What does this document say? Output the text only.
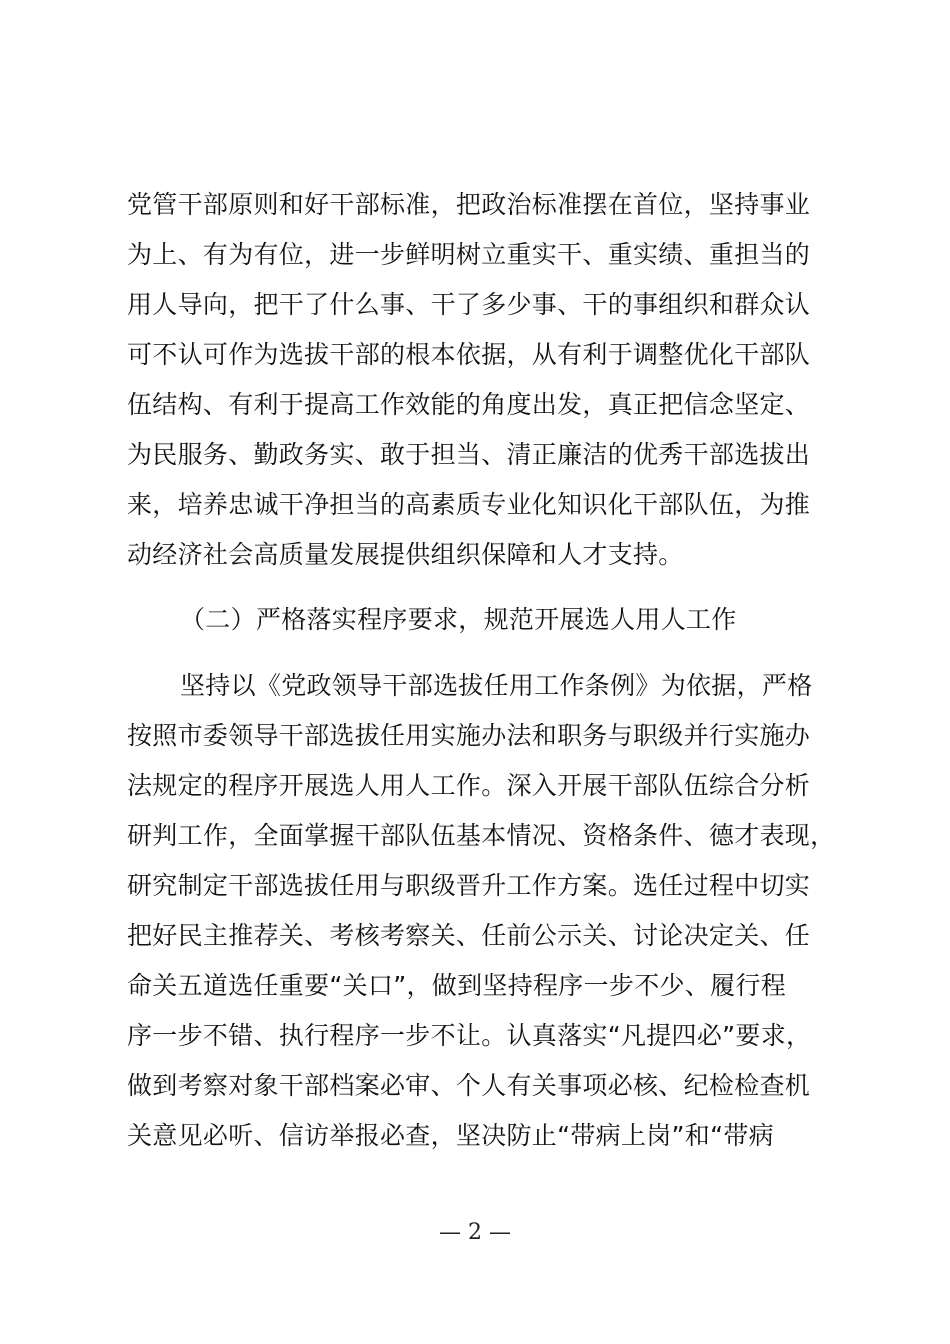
党管干部原则和好干部标准，把政治标准摆在首位，坚持事业
为上、有为有位，进一步鲜明树立重实干、重实绩、重担当的
用人导向，把干了什么事、干了多少事、干的事组织和群众认
可不认可作为选拔干部的根本依据，从有利于调整优化干部队
伍结构、有利于提高工作效能的角度出发，真正把信念坚定、
为民服务、勤政务实、敢于担当、清正廉洁的优秀干部选拔出
来，培养忠诚干净担当的高素质专业化知识化干部队伍，为推
动经济社会高质量发展提供组织保障和人才支持。
（二）严格落实程序要求，规范开展选人用人工作
坚持以《党政领导干部选拔任用工作条例》为依据，严格
按照市委领导干部选拔任用实施办法和职务与职级并行实施办
法规定的程序开展选人用人工作。深入开展干部队伍综合分析
研判工作，全面掌握干部队伍基本情况、资格条件、德才表现，
研究制定干部选拔任用与职级晋升工作方案。选任过程中切实
把好民主推荐关、考核考察关、任前公示关、讨论决定关、任
命关五道选任重要“关口”，做到坚持程序一步不少、履行程
序一步不错、执行程序一步不让。认真落实“凡提四必”要求，
做到考察对象干部档案必审、个人有关事项必核、纪检检查机
关意见必听、信访举报必查，坚决防止“带病上岗”和“带病
— 2 —
